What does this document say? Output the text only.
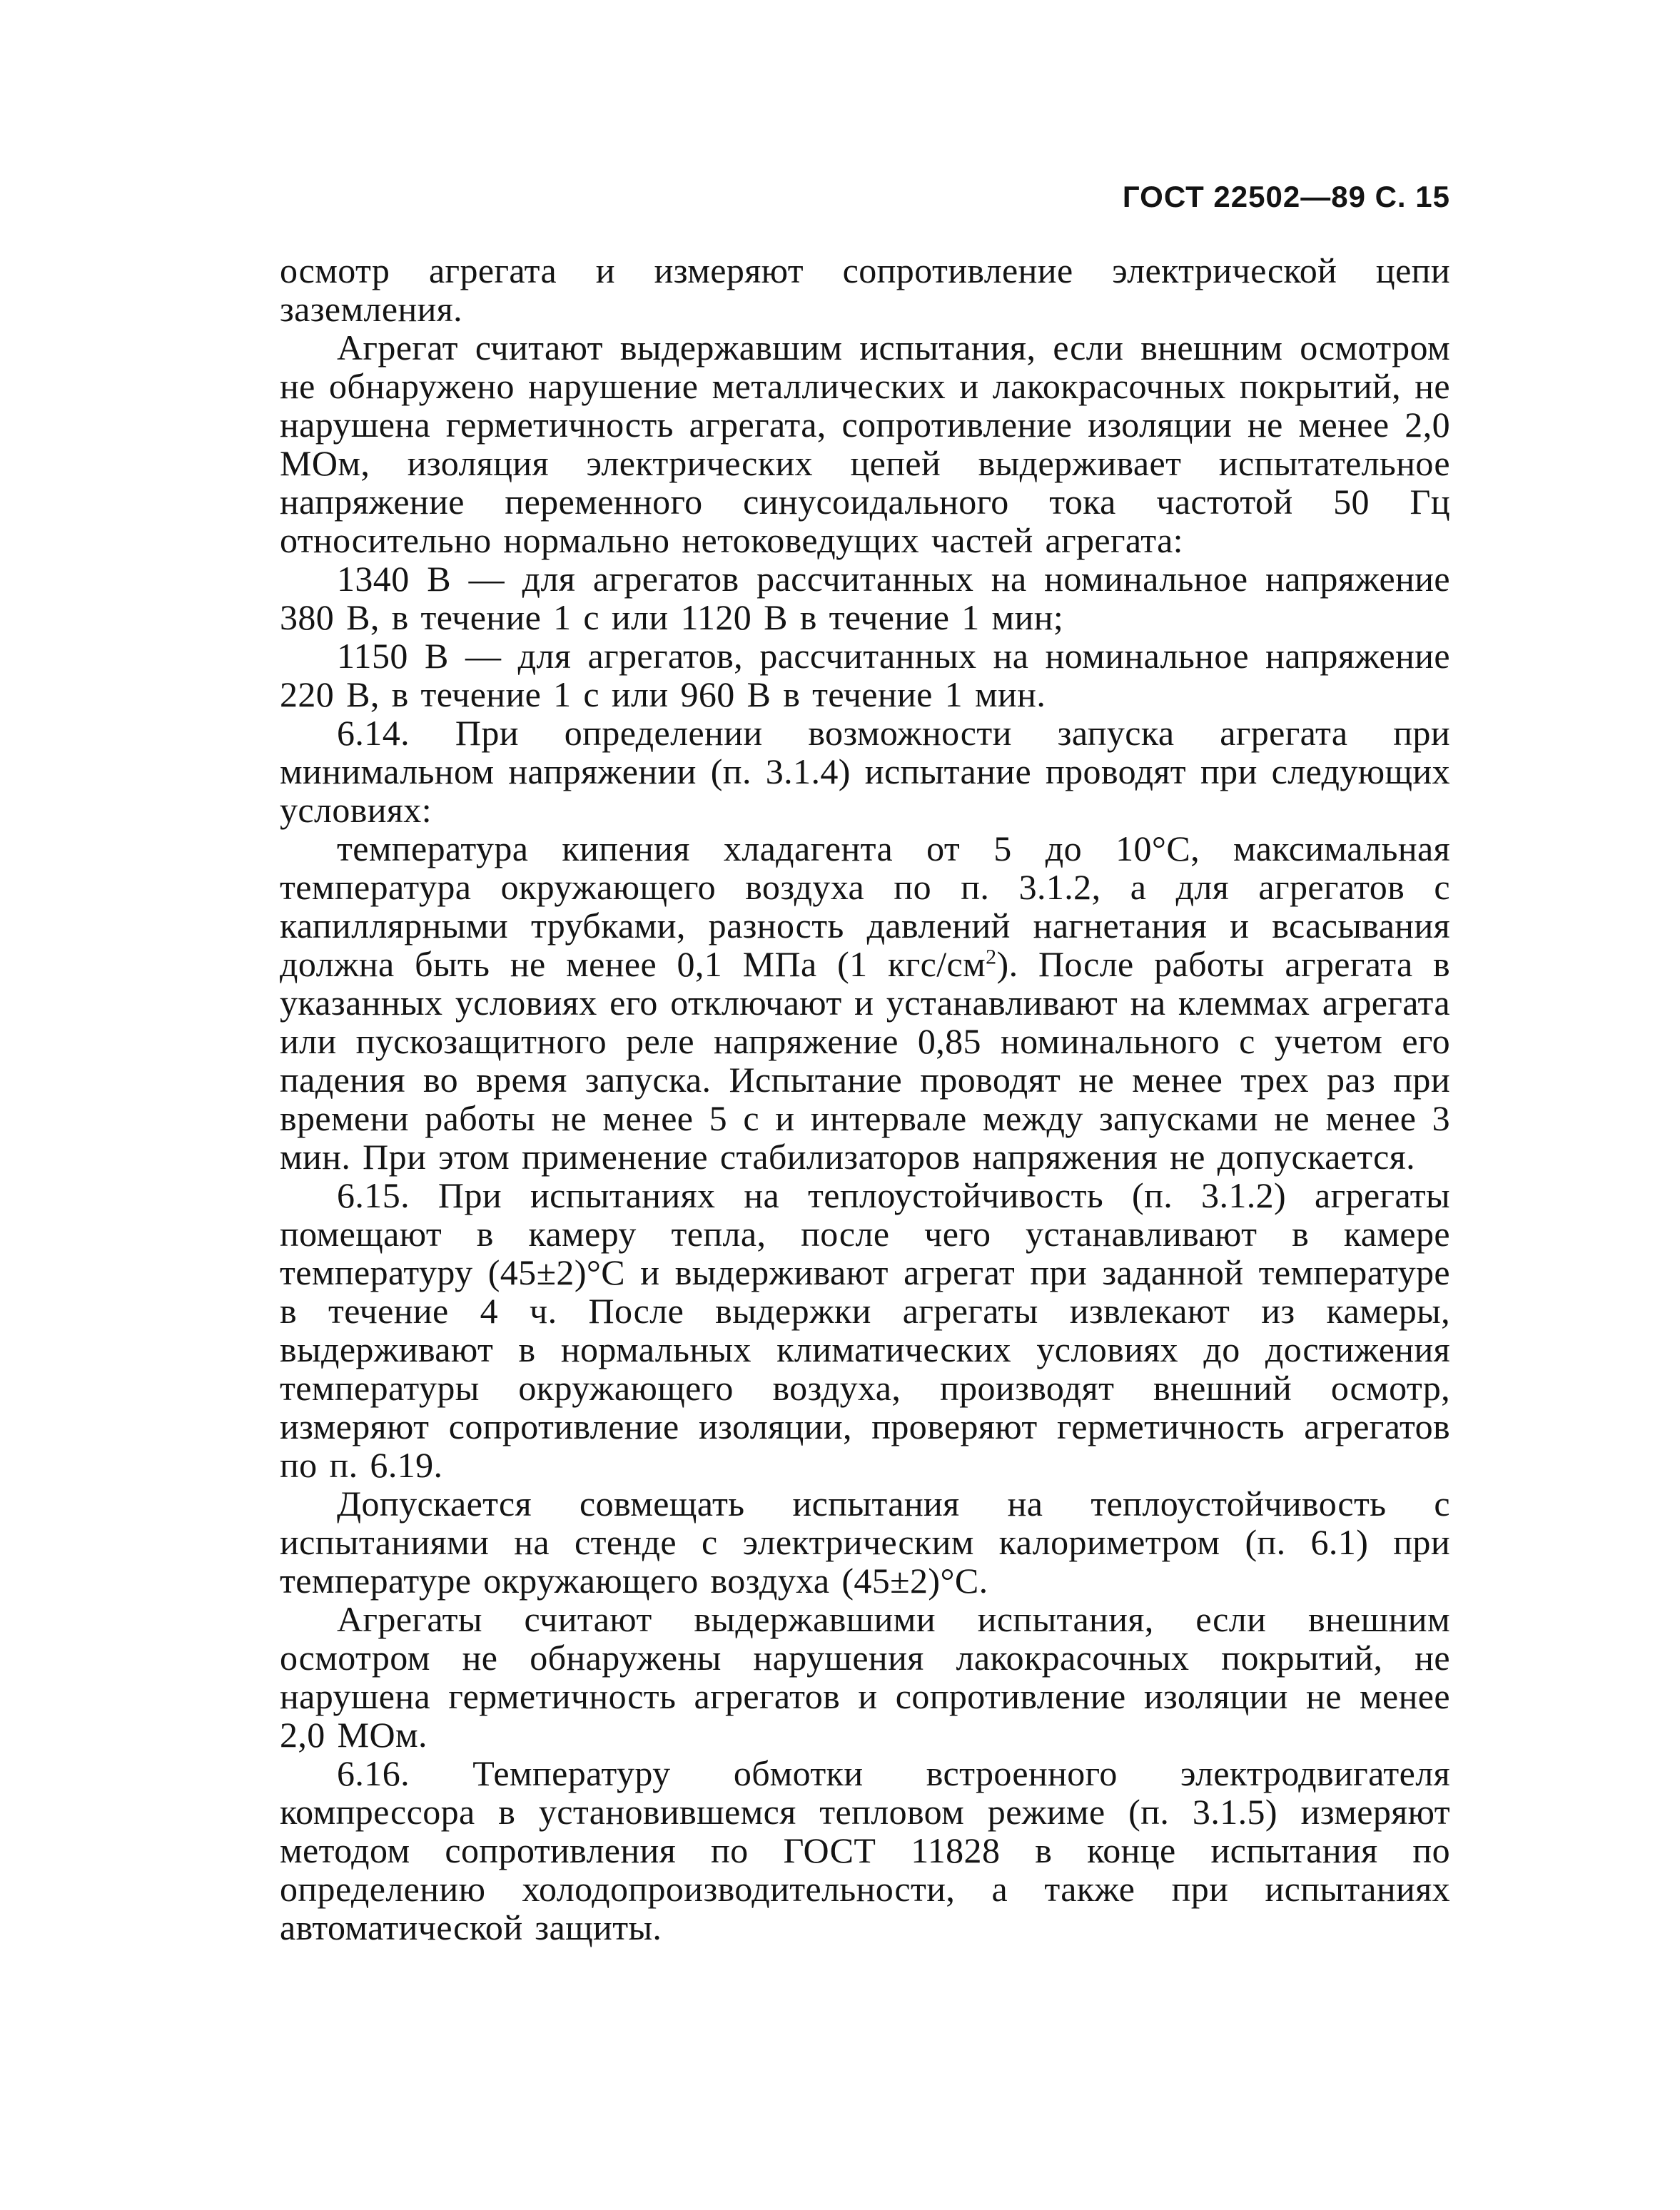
ГОСТ 22502—89 С. 15

осмотр агрегата и измеряют сопротивление электрической цепи заземления.

Агрегат считают выдержавшим испытания, если внешним осмотром не обнаружено нарушение металлических и лакокрасочных покрытий, не нарушена герметичность агрегата, сопротивление изоляции не менее 2,0 МОм, изоляция электрических цепей выдерживает испытательное напряжение переменного синусоидального тока частотой 50 Гц относительно нормально нетоковедущих частей агрегата:

1340 В — для агрегатов рассчитанных на номинальное напряжение 380 В, в течение 1 с или 1120 В в течение 1 мин;

1150 В — для агрегатов, рассчитанных на номинальное напряжение 220 В, в течение 1 с или 960 В в течение 1 мин.

6.14. При определении возможности запуска агрегата при минимальном напряжении (п. 3.1.4) испытание проводят при следующих условиях:

температура кипения хладагента от 5 до 10°С, максимальная температура окружающего воздуха по п. 3.1.2, а для агрегатов с капиллярными трубками, разность давлений нагнетания и всасывания должна быть не менее 0,1 МПа (1 кгс/$см^2$). После работы агрегата в указанных условиях его отключают и устанавливают на клеммах агрегата или пускозащитного реле напряжение 0,85 номинального с учетом его падения во время запуска. Испытание проводят не менее трех раз при времени работы не менее 5 с и интервале между запусками не менее 3 мин. При этом применение стабилизаторов напряжения не допускается.

6.15. При испытаниях на теплоустойчивость (п. 3.1.2) агрегаты помещают в камеру тепла, после чего устанавливают в камере температуру (45±2)°С и выдерживают агрегат при заданной температуре в течение 4 ч. После выдержки агрегаты извлекают из камеры, выдерживают в нормальных климатических условиях до достижения температуры окружающего воздуха, производят внешний осмотр, измеряют сопротивление изоляции, проверяют герметичность агрегатов по п. 6.19.

Допускается совмещать испытания на теплоустойчивость с испытаниями на стенде с электрическим калориметром (п. 6.1) при температуре окружающего воздуха (45±2)°С.

Агрегаты считают выдержавшими испытания, если внешним осмотром не обнаружены нарушения лакокрасочных покрытий, не нарушена герметичность агрегатов и сопротивление изоляции не менее 2,0 МОм.

6.16. Температуру обмотки встроенного электродвигателя компрессора в установившемся тепловом режиме (п. 3.1.5) измеряют методом сопротивления по ГОСТ 11828 в конце испытания по определению холодопроизводительности, а также при испытаниях автоматической защиты.
